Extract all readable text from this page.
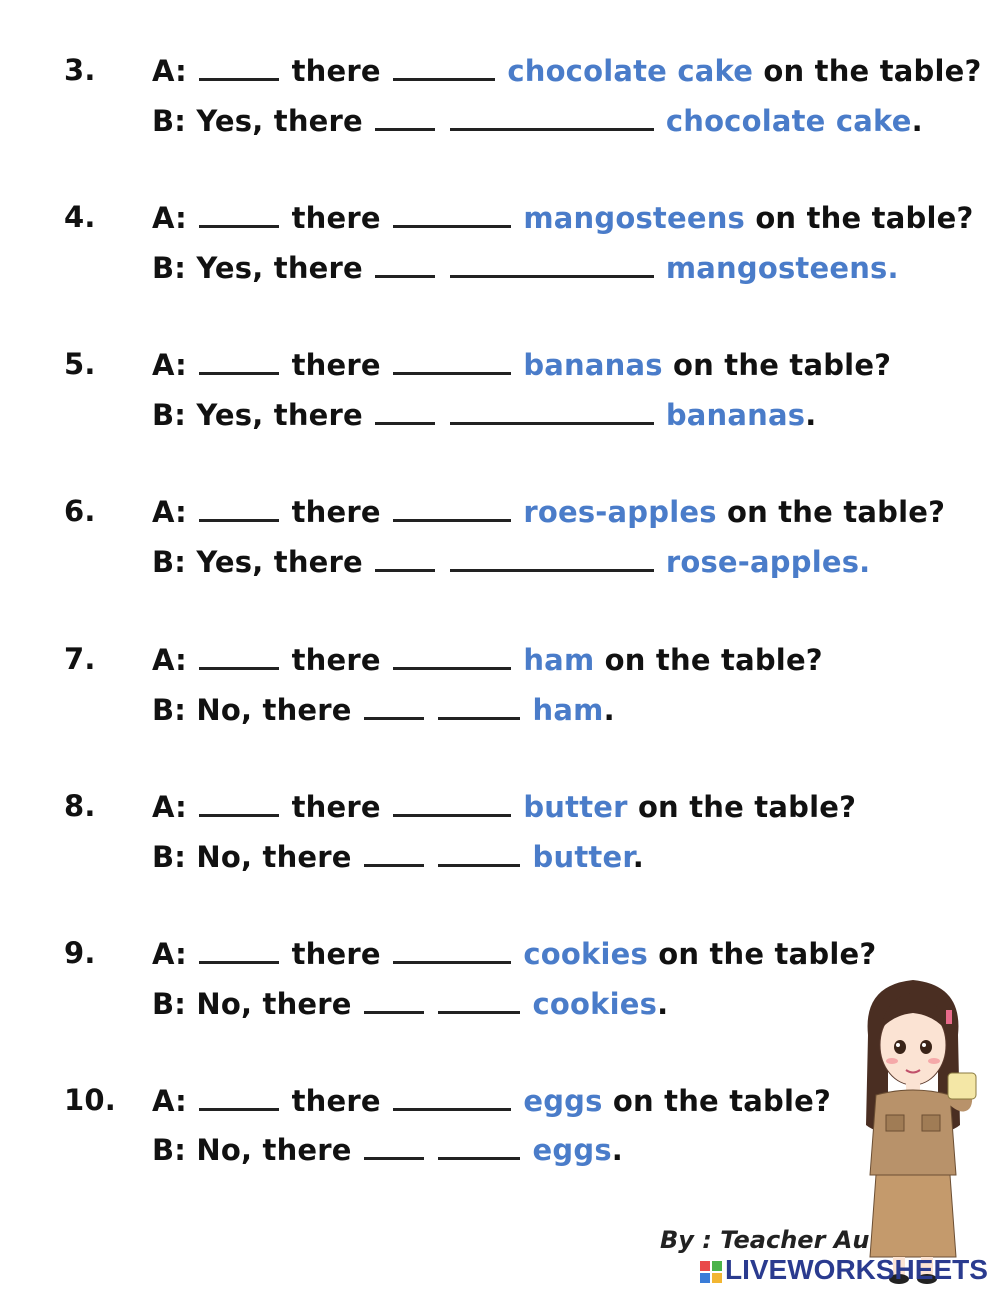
3. A:	there	chocolate cake on the table?
B: Yes, there	chocolate cake.
4. A:	there	mangosteens on the table?
B: Yes, there	mangosteens.
5. A:	there	bananas on the table?
B: Yes, there	bananas.
6. A:	there	roes-apples on the table?
B: Yes, there	rose-apples.
7. A:	there	ham on the table?
B: No, there	ham.
8. A:	there	butter on the table?
B: No, there	butter.
9. A:	there	cookies on the table?
B: No, there	cookies.
10. A:	there	eggs on the table?
B: No, there	eggs.
By : Teacher Au
LIVEWORKSHEETS
